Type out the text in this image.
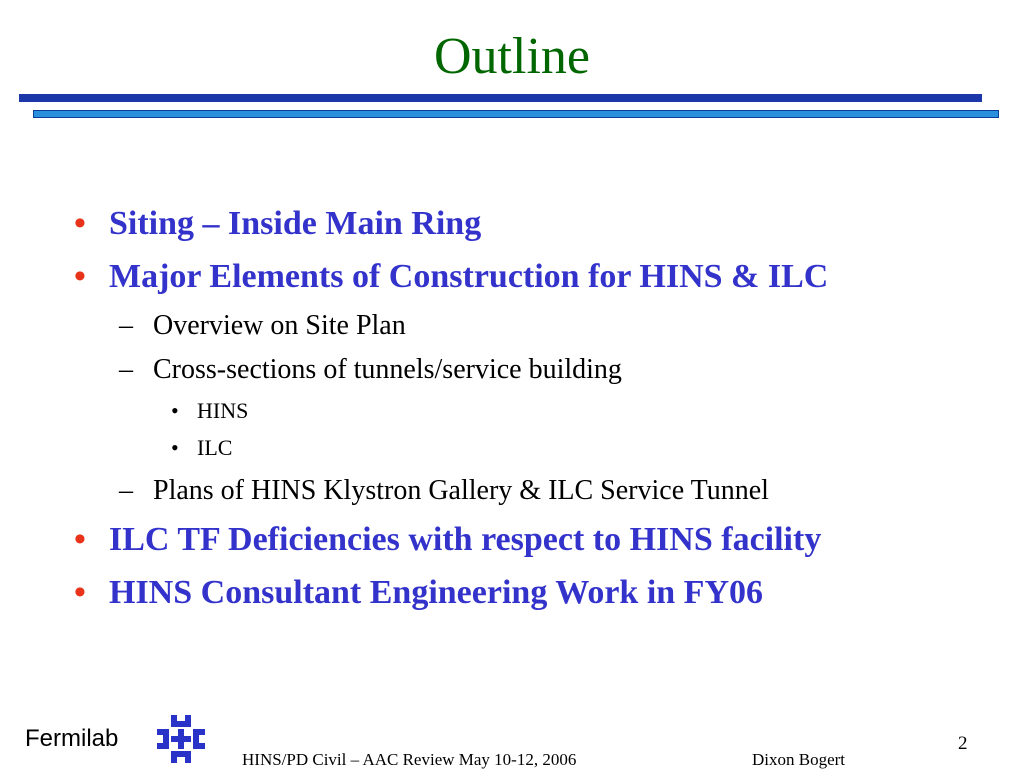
Outline
• Siting – Inside Main Ring
• Major Elements of Construction for HINS & ILC
– Overview on Site Plan
– Cross-sections of tunnels/service building
• HINS
• ILC
– Plans of HINS Klystron Gallery & ILC Service Tunnel
• ILC TF Deficiencies with respect to HINS facility
• HINS Consultant Engineering Work in FY06
Fermilab
HINS/PD Civil – AAC Review May 10-12, 2006	Dixon Bogert
2
